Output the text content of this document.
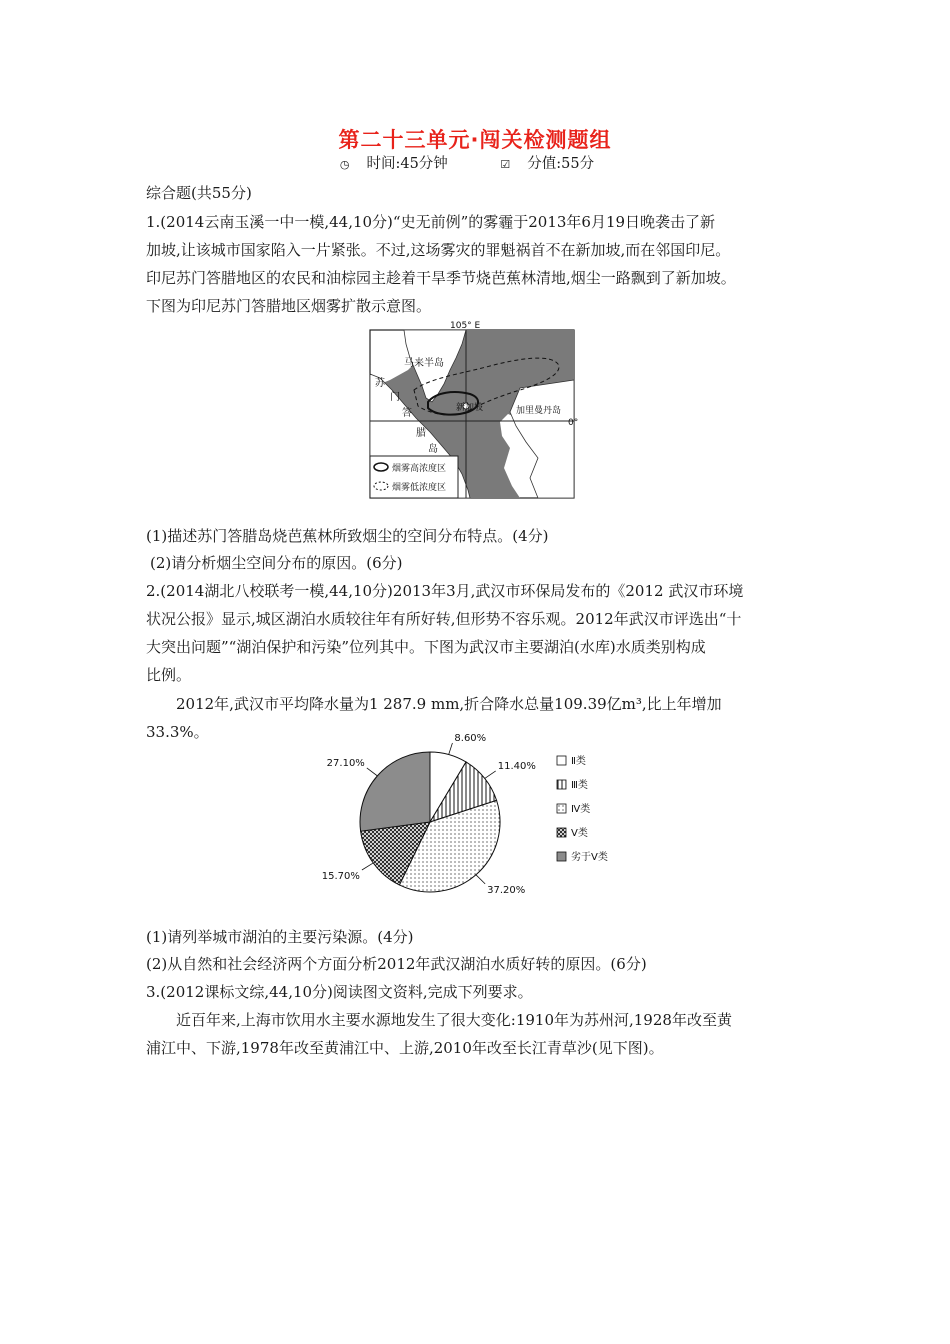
第二十三单元·闯关检测题组
◷ 时间:45分钟	☑ 分值:55分
综合题(共55分)
1.(2014云南玉溪一中一模,44,10分)“史无前例”的雾霾于2013年6月19日晚袭击了新
加坡,让该城市国家陷入一片紧张。不过,这场雾灾的罪魁祸首不在新加坡,而在邻国印尼。
印尼苏门答腊地区的农民和油棕园主趁着干旱季节烧芭蕉林清地,烟尘一路飘到了新加坡。
下图为印尼苏门答腊地区烟雾扩散示意图。
烟雾高浓度区
烟雾低浓度区
105° E
0°
马来半岛
苏
门
答
腊
岛
新加坡	加里曼丹岛
(1)描述苏门答腊岛烧芭蕉林所致烟尘的空间分布特点。(4分)
(2)请分析烟尘空间分布的原因。(6分)
2.(2014湖北八校联考一模,44,10分)2013年3月,武汉市环保局发布的《2012 武汉市环境
状况公报》显示,城区湖泊水质较往年有所好转,但形势不容乐观。2012年武汉市评选出“十
大突出问题”“湖泊保护和污染”位列其中。下图为武汉市主要湖泊(水库)水质类别构成
比例。
2012年,武汉市平均降水量为1 287.9 mm,折合降水总量109.39亿m³,比上年增加
33.3%。	8.60%
11.40%
37.20%
15.70%
27.10%	Ⅱ类
Ⅲ类
Ⅳ类
Ⅴ类
劣于Ⅴ类
(1)请列举城市湖泊的主要污染源。(4分)
(2)从自然和社会经济两个方面分析2012年武汉湖泊水质好转的原因。(6分)
3.(2012课标文综,44,10分)阅读图文资料,完成下列要求。
近百年来,上海市饮用水主要水源地发生了很大变化:1910年为苏州河,1928年改至黄
浦江中、下游,1978年改至黄浦江中、上游,2010年改至长江青草沙(见下图)。
